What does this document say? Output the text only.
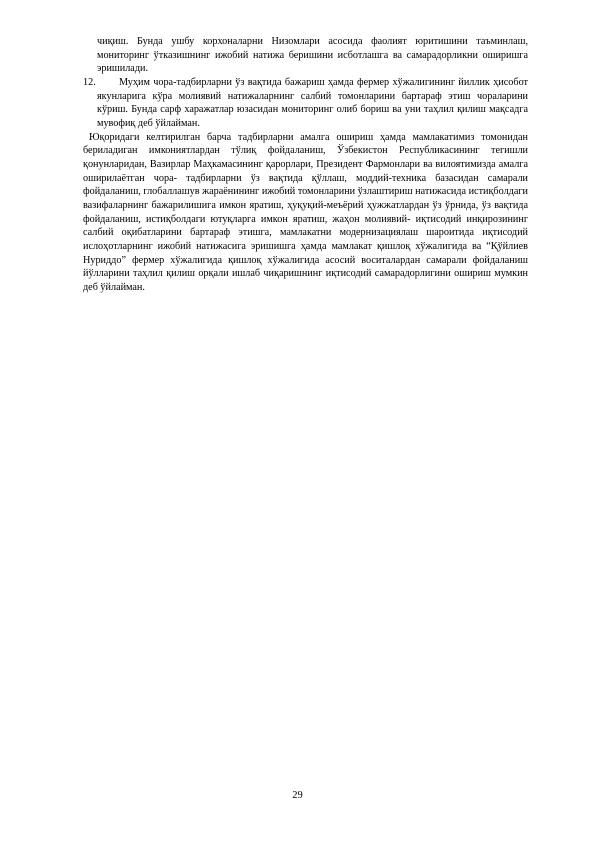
чиқиш. Бунда ушбу корхоналарни Низомлари асосида фаолият юритишини таъминлаш, мониторинг ўтказишнинг ижобий натижа беришини исботлашга ва самарадорликни оширишга эришилади.

12. Муҳим чора-тадбирларни ўз вақтида бажариш ҳамда фермер хўжалигининг йиллик ҳисобот якунларига кўра молиявий натижаларнинг салбий томонларини бартараф этиш чораларини кўриш. Бунда сарф харажатлар юзасидан мониторинг олиб бориш ва уни таҳлил қилиш мақсадга мувофиқ деб ўйлайман.

Юқоридаги келтирилган барча тадбирларни амалга ошириш ҳамда мамлакатимиз томонидан бериладиган имкониятлардан тўлиқ фойдаланиш, Ўзбекистон Республикасининг тегишли қонунларидан, Вазирлар Маҳкамасининг қарорлари, Президент Фармонлари ва вилоятимизда амалга оширилаётган чора- тадбирларни ўз вақтида қўллаш, моддий-техника базасидан самарали фойдаланиш, глобаллашув жараёнининг ижобий томонларини ўзлаштириш натижасида истиқболдаги вазифаларнинг бажарилишига имкон яратиш, ҳуқуқий-меъёрий ҳужжатлардан ўз ўрнида, ўз вақтида фойдаланиш, истиқболдаги ютуқларга имкон яратиш, жаҳон молиявий- иқтисодий инқирозининг салбий оқибатларини бартараф этишга, мамлакатни модернизациялаш шароитида иқтисодий ислоҳотларнинг ижобий натижасига эришишга ҳамда мамлакат қишлоқ хўжалигида ва “Қўйлиев Нуриддо” фермер хўжалигида қишлоқ хўжалигида асосий воситалардан самарали фойдаланиш йўлларини таҳлил қилиш орқали ишлаб чиқаришнинг иқтисодий самарадорлигини ошириш мумкин деб ўйлайман.

29
